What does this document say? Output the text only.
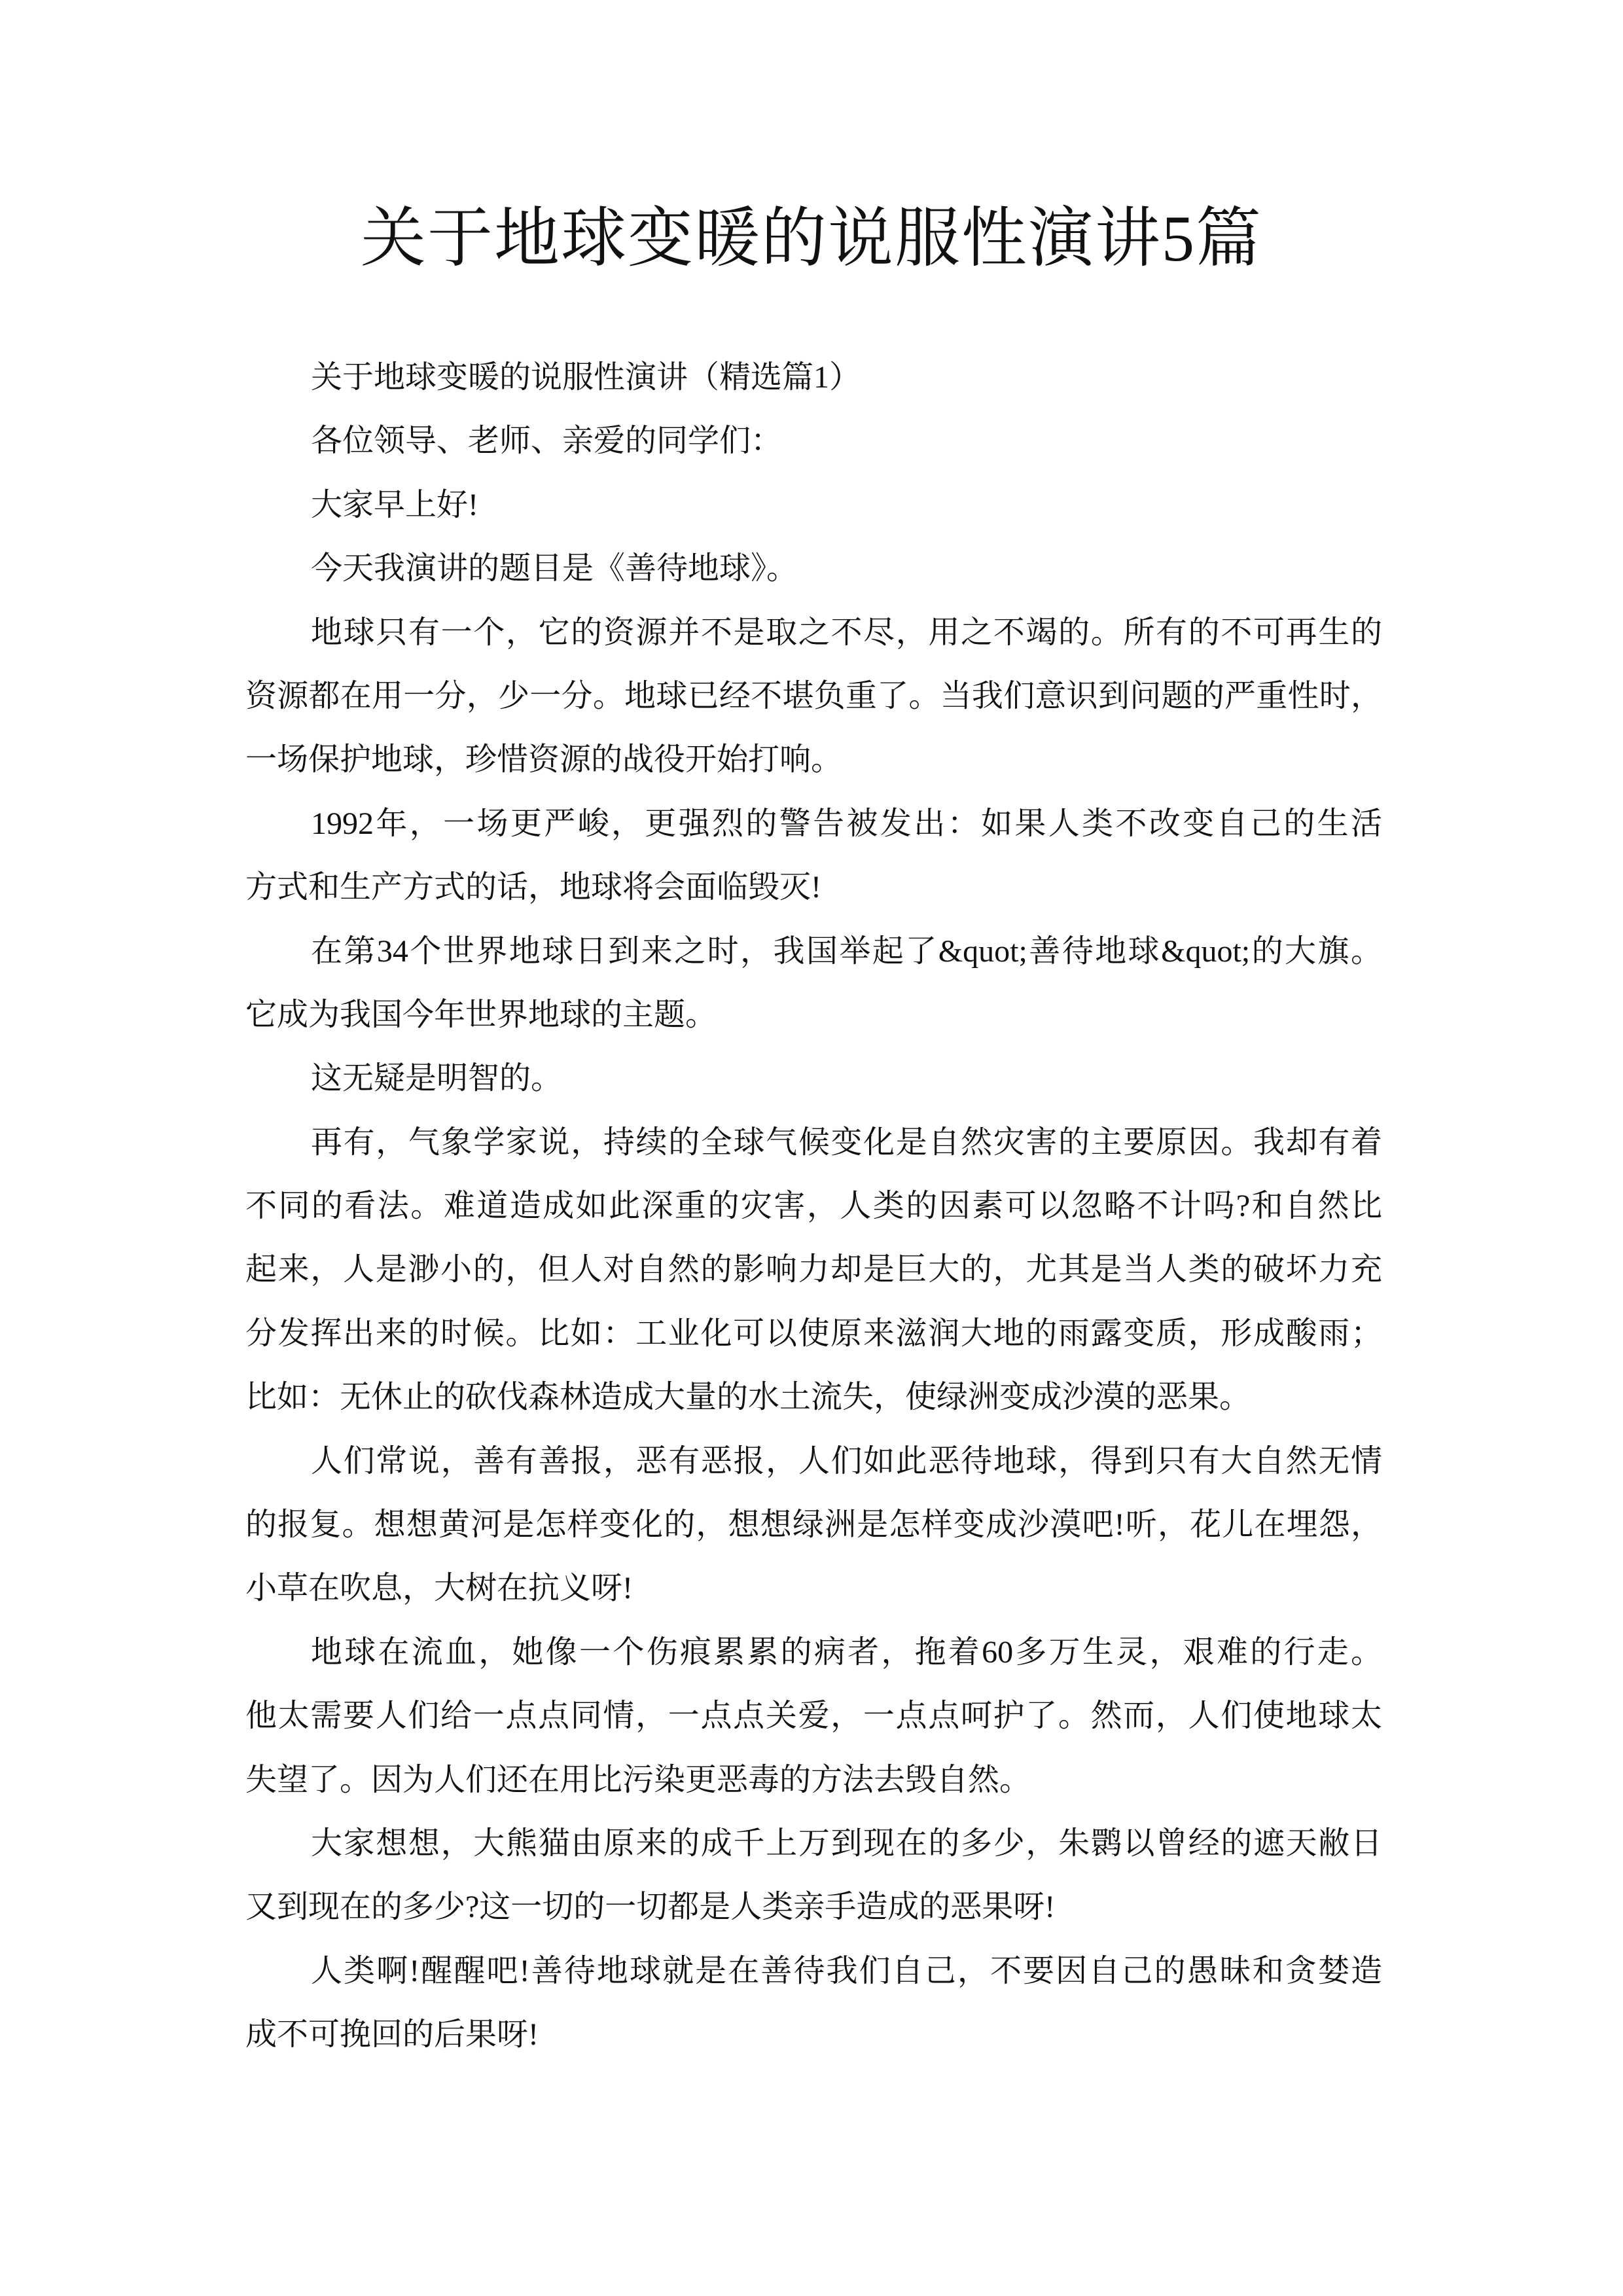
关于地球变暖的说服性演讲5篇
关于地球变暖的说服性演讲（精选篇1）
各位领导、老师、亲爱的同学们：
大家早上好!
今天我演讲的题目是《善待地球》。
地球只有一个，它的资源并不是取之不尽，用之不竭的。所有的不可再生的
资源都在用一分，少一分。地球已经不堪负重了。当我们意识到问题的严重性时，
一场保护地球，珍惜资源的战役开始打响。
1992年，一场更严峻，更强烈的警告被发出：如果人类不改变自己的生活
方式和生产方式的话，地球将会面临毁灭!
在第34个世界地球日到来之时，我国举起了&quot;善待地球&quot;的大旗。
它成为我国今年世界地球的主题。
这无疑是明智的。
再有，气象学家说，持续的全球气候变化是自然灾害的主要原因。我却有着
不同的看法。难道造成如此深重的灾害，人类的因素可以忽略不计吗?和自然比
起来，人是渺小的，但人对自然的影响力却是巨大的，尤其是当人类的破坏力充
分发挥出来的时候。比如：工业化可以使原来滋润大地的雨露变质，形成酸雨；
比如：无休止的砍伐森林造成大量的水土流失，使绿洲变成沙漠的恶果。
人们常说，善有善报，恶有恶报，人们如此恶待地球，得到只有大自然无情
的报复。想想黄河是怎样变化的，想想绿洲是怎样变成沙漠吧!听，花儿在埋怨，
小草在吹息，大树在抗义呀!
地球在流血，她像一个伤痕累累的病者，拖着60多万生灵，艰难的行走。
他太需要人们给一点点同情，一点点关爱，一点点呵护了。然而，人们使地球太
失望了。因为人们还在用比污染更恶毒的方法去毁自然。
大家想想，大熊猫由原来的成千上万到现在的多少，朱鹮以曾经的遮天敝日
又到现在的多少?这一切的一切都是人类亲手造成的恶果呀!
人类啊!醒醒吧!善待地球就是在善待我们自己，不要因自己的愚昧和贪婪造
成不可挽回的后果呀!
